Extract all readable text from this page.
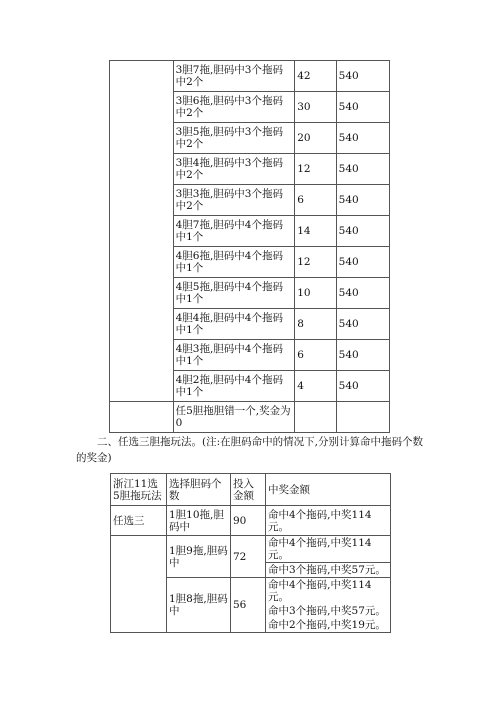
	3胆7拖,胆码中3个拖码中2个	42	540
	3胆6拖,胆码中3个拖码中2个	30	540
	3胆5拖,胆码中3个拖码中2个	20	540
	3胆4拖,胆码中3个拖码中2个	12	540
	3胆3拖,胆码中3个拖码中2个	6	540
	4胆7拖,胆码中4个拖码中1个	14	540
	4胆6拖,胆码中4个拖码中1个	12	540
	4胆5拖,胆码中4个拖码中1个	10	540
	4胆4拖,胆码中4个拖码中1个	8	540
	4胆3拖,胆码中4个拖码中1个	6	540
	4胆2拖,胆码中4个拖码中1个	4	540
	任5胆拖胆错一个,奖金为0		
二、任选三胆拖玩法。(注:在胆码命中的情况下,分别计算命中拖码个数的奖金)
浙江11选5胆拖玩法	选择胆码个数	投入金额	中奖金额
任选三	1胆10拖,胆码中	90	命中4个拖码,中奖114元。
	1胆9拖,胆码中	72	命中4个拖码,中奖114元。
			命中3个拖码,中奖57元。
	1胆8拖,胆码中	56	命中4个拖码,中奖114元。
			命中3个拖码,中奖57元。
			命中2个拖码,中奖19元。
